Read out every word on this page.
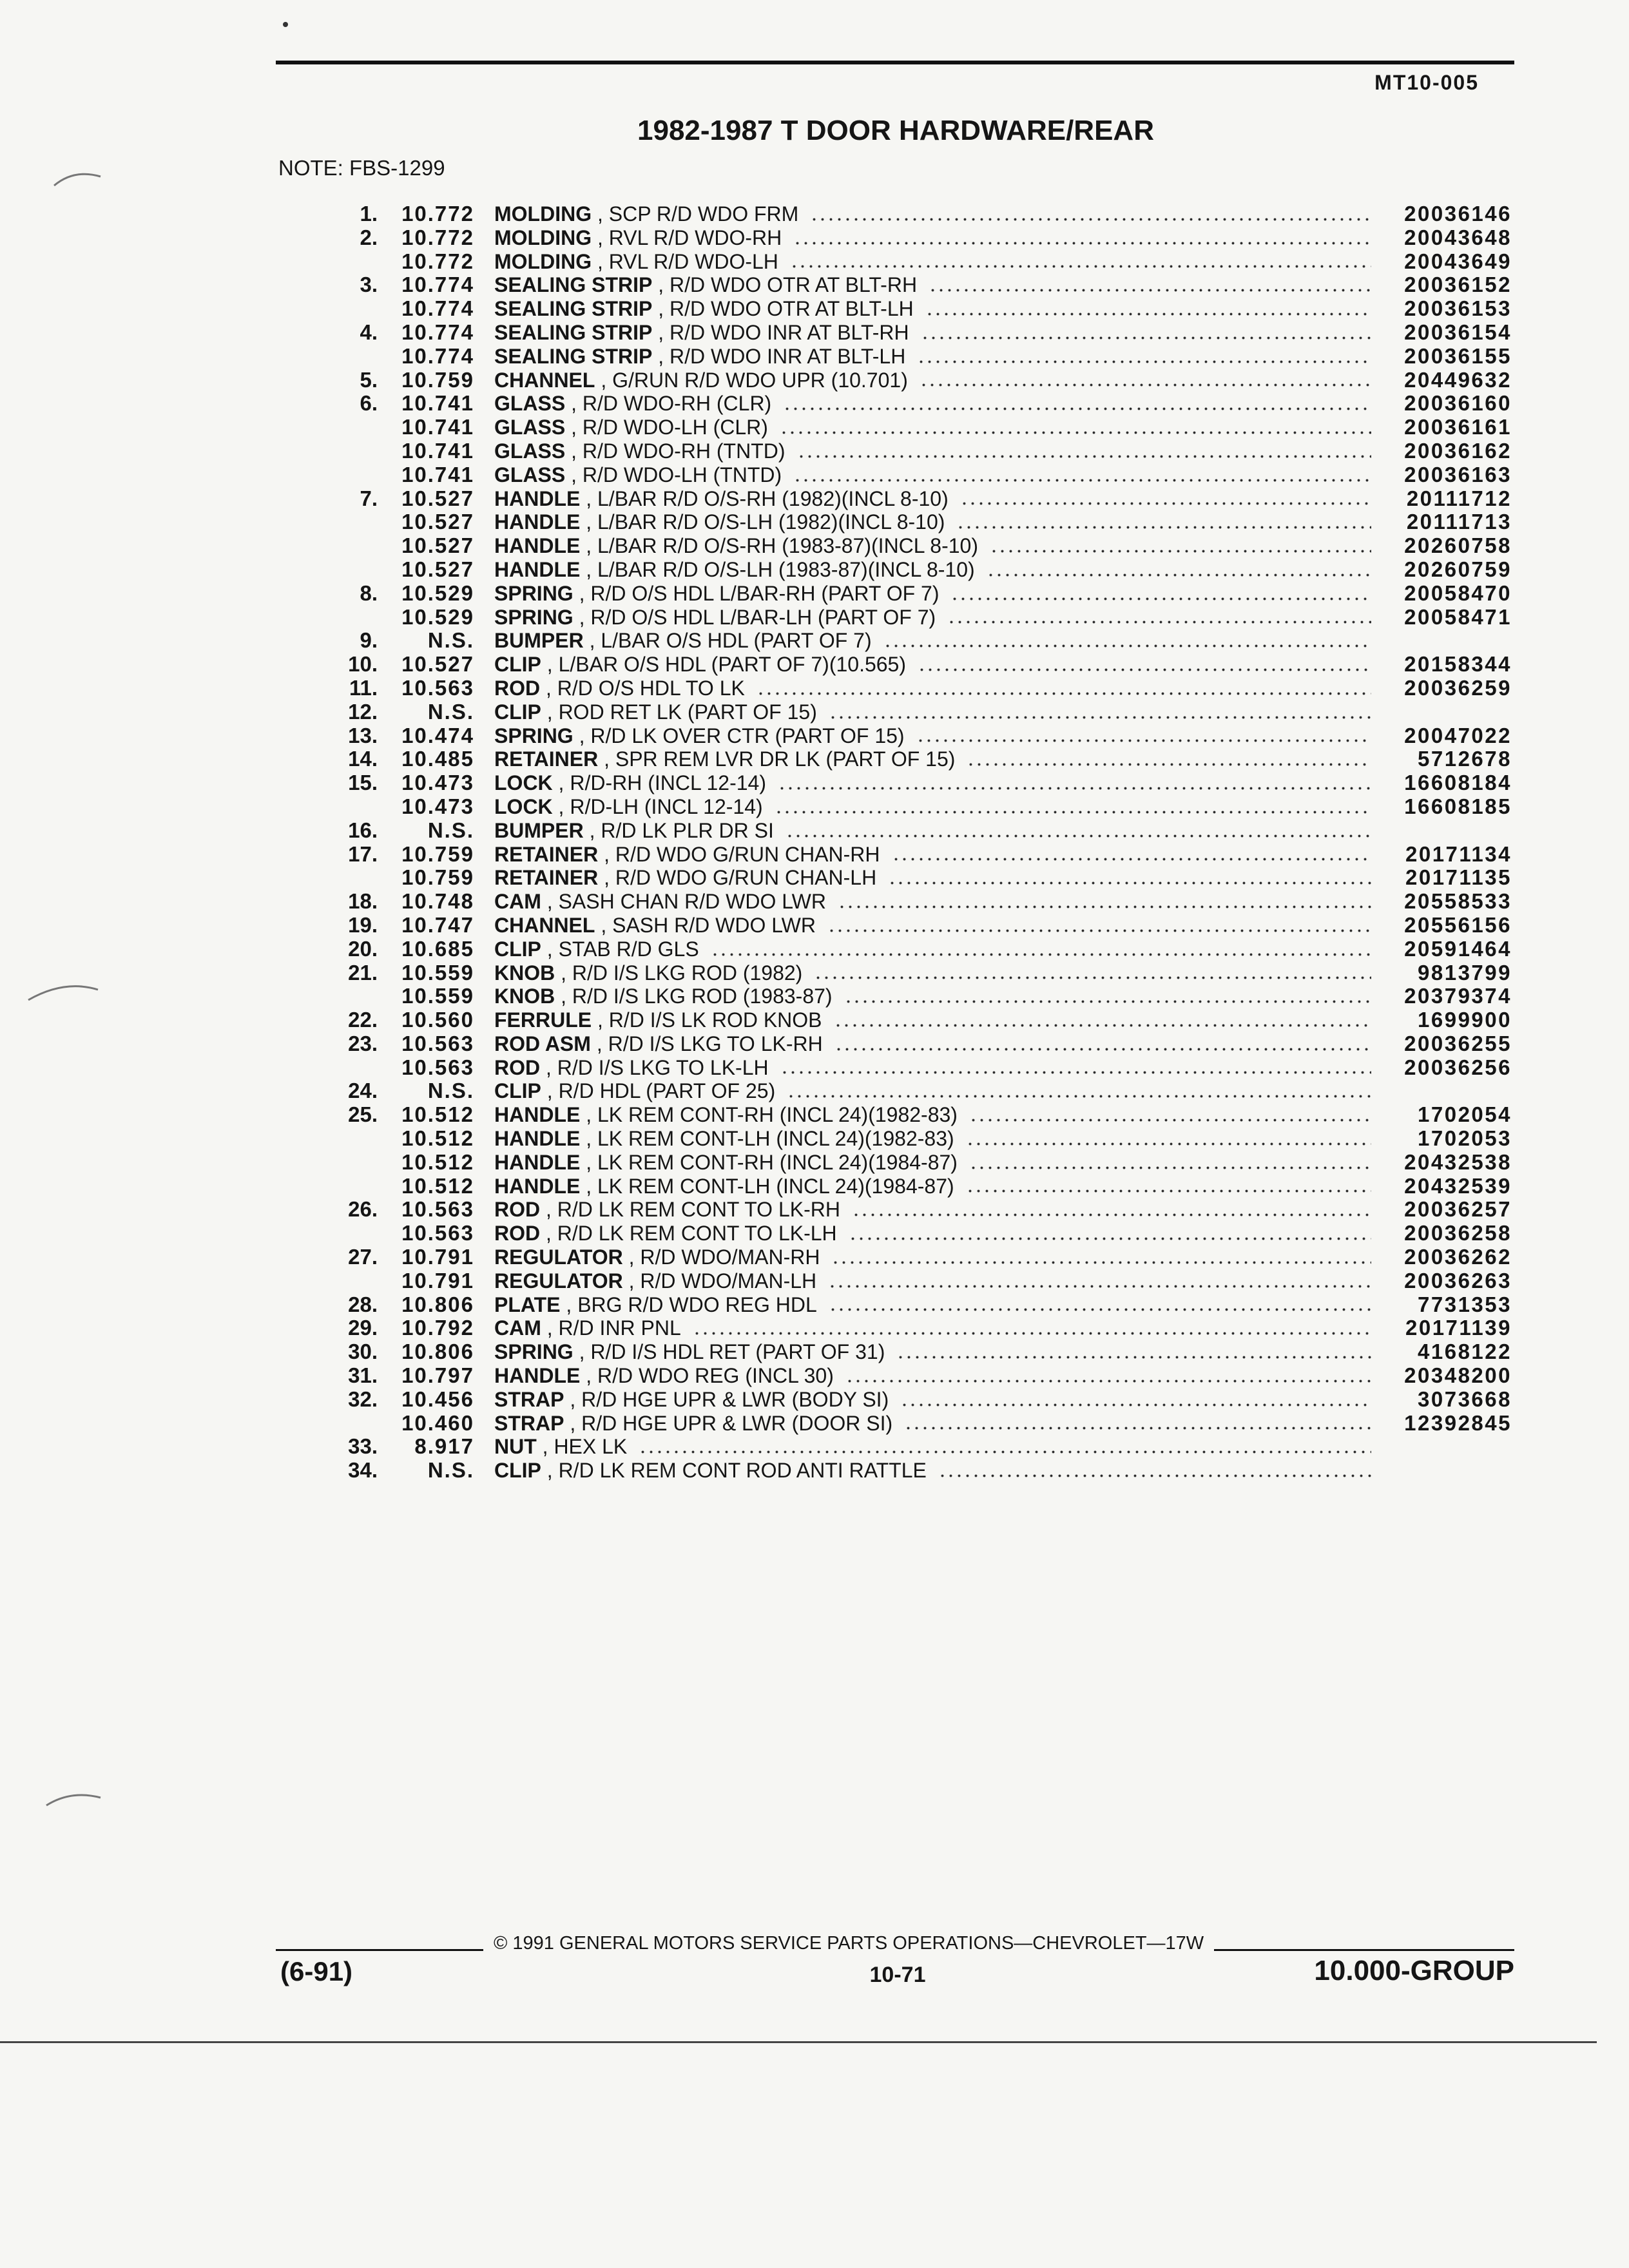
MT10-005
1982-1987 T DOOR HARDWARE/REAR
NOTE: FBS-1299
1.	10.772 MOLDING , SCP R/D WDO FRM	20036146
2.	10.772 MOLDING , RVL R/D WDO-RH	20043648
10.772 MOLDING , RVL R/D WDO-LH	20043649
3.	10.774 SEALING STRIP , R/D WDO OTR AT BLT-RH	20036152
10.774 SEALING STRIP , R/D WDO OTR AT BLT-LH	20036153
4.	10.774 SEALING STRIP , R/D WDO INR AT BLT-RH	20036154
10.774 SEALING STRIP , R/D WDO INR AT BLT-LH	20036155
5.	10.759 CHANNEL , G/RUN R/D WDO UPR (10.701)	20449632
6.	10.741 GLASS , R/D WDO-RH (CLR)	20036160
10.741 GLASS , R/D WDO-LH (CLR)	20036161
10.741 GLASS , R/D WDO-RH (TNTD)	20036162
10.741 GLASS , R/D WDO-LH (TNTD)	20036163
7.	10.527 HANDLE , L/BAR R/D O/S-RH (1982)(INCL 8-10)	20111712
10.527 HANDLE , L/BAR R/D O/S-LH (1982)(INCL 8-10)	20111713
10.527 HANDLE , L/BAR R/D O/S-RH (1983-87)(INCL 8-10)	20260758
10.527 HANDLE , L/BAR R/D O/S-LH (1983-87)(INCL 8-10)	20260759
8.	10.529 SPRING , R/D O/S HDL L/BAR-RH (PART OF 7)	20058470
10.529 SPRING , R/D O/S HDL L/BAR-LH (PART OF 7)	20058471
9.	N.S. BUMPER , L/BAR O/S HDL (PART OF 7)
10.	10.527 CLIP , L/BAR O/S HDL (PART OF 7)(10.565)	20158344
11.	10.563 ROD , R/D O/S HDL TO LK	20036259
12.	N.S. CLIP , ROD RET LK (PART OF 15)
13.	10.474 SPRING , R/D LK OVER CTR (PART OF 15)	20047022
14.	10.485 RETAINER , SPR REM LVR DR LK (PART OF 15)	5712678
15.	10.473 LOCK , R/D-RH (INCL 12-14)	16608184
10.473 LOCK , R/D-LH (INCL 12-14)	16608185
16.	N.S. BUMPER , R/D LK PLR DR SI
17.	10.759 RETAINER , R/D WDO G/RUN CHAN-RH	20171134
10.759 RETAINER , R/D WDO G/RUN CHAN-LH	20171135
18.	10.748 CAM , SASH CHAN R/D WDO LWR	20558533
19.	10.747 CHANNEL , SASH R/D WDO LWR	20556156
20.	10.685 CLIP , STAB R/D GLS	20591464
21.	10.559 KNOB , R/D I/S LKG ROD (1982)	9813799
10.559 KNOB , R/D I/S LKG ROD (1983-87)	20379374
22.	10.560 FERRULE , R/D I/S LK ROD KNOB	1699900
23.	10.563 ROD ASM , R/D I/S LKG TO LK-RH	20036255
10.563 ROD , R/D I/S LKG TO LK-LH	20036256
24.	N.S. CLIP , R/D HDL (PART OF 25)
25.	10.512 HANDLE , LK REM CONT-RH (INCL 24)(1982-83)	1702054
10.512 HANDLE , LK REM CONT-LH (INCL 24)(1982-83)	1702053
10.512 HANDLE , LK REM CONT-RH (INCL 24)(1984-87)	20432538
10.512 HANDLE , LK REM CONT-LH (INCL 24)(1984-87)	20432539
26.	10.563 ROD , R/D LK REM CONT TO LK-RH	20036257
10.563 ROD , R/D LK REM CONT TO LK-LH	20036258
27.	10.791 REGULATOR , R/D WDO/MAN-RH	20036262
10.791 REGULATOR , R/D WDO/MAN-LH	20036263
28.	10.806 PLATE , BRG R/D WDO REG HDL	7731353
29.	10.792 CAM , R/D INR PNL	20171139
30.	10.806 SPRING , R/D I/S HDL RET (PART OF 31)	4168122
31.	10.797 HANDLE , R/D WDO REG (INCL 30)	20348200
32.	10.456 STRAP , R/D HGE UPR & LWR (BODY SI)	3073668
10.460 STRAP , R/D HGE UPR & LWR (DOOR SI)	12392845
33.	8.917 NUT , HEX LK
34.	N.S. CLIP , R/D LK REM CONT ROD ANTI RATTLE
© 1991 GENERAL MOTORS SERVICE PARTS OPERATIONS—CHEVROLET—17W
(6-91)	10-71	10.000-GROUP
